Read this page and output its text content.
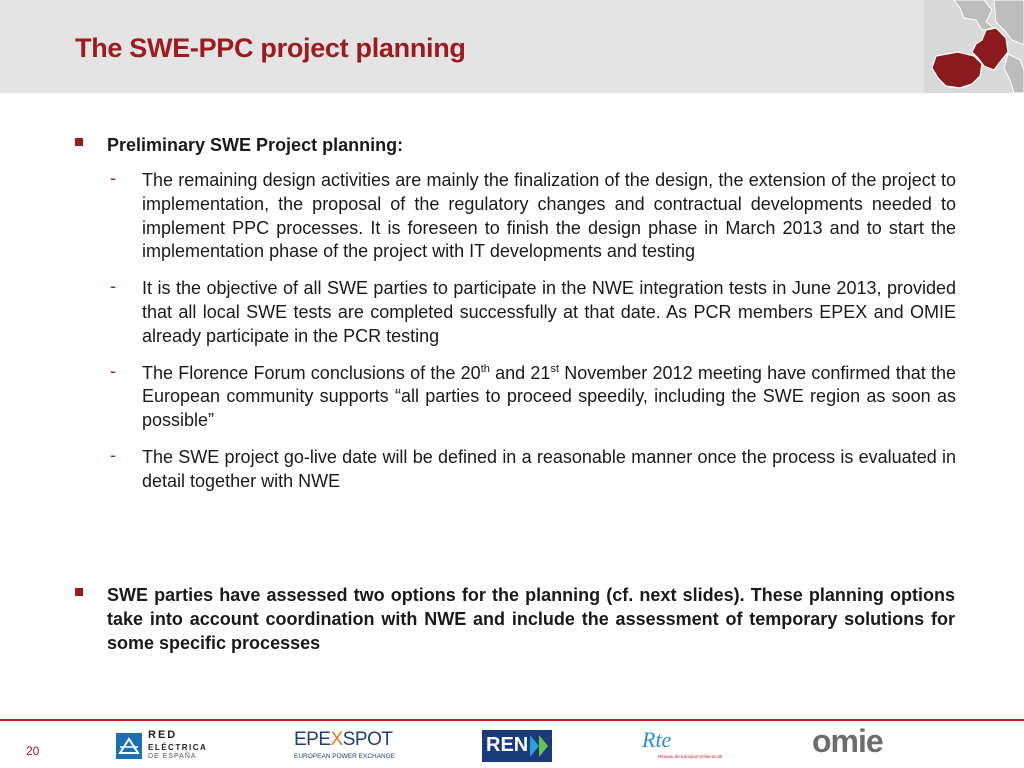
The SWE-PPC project planning
Preliminary SWE Project planning:
- The remaining design activities are mainly the finalization of the design, the extension of the project to implementation, the proposal of the regulatory changes and contractual developments needed to implement PPC processes. It is foreseen to finish the design phase in March 2013 and to start the implementation phase of the project with IT developments and testing
- It is the objective of all SWE parties to participate in the NWE integration tests in June 2013, provided that all local SWE tests are completed successfully at that date. As PCR members EPEX and OMIE already participate in the PCR testing
- The Florence Forum conclusions of the 20th and 21st November 2012 meeting have confirmed that the European community supports “all parties to proceed speedily, including the SWE region as soon as possible”
- The SWE project go-live date will be defined in a reasonable manner once the process is evaluated in detail together with NWE
SWE parties have assessed two options for the planning (cf. next slides). These planning options take into account coordination with NWE and include the assessment of temporary solutions for some specific processes
20
RED
ELÉCTRICA
DE ESPAÑA
EPEXSPOT
EUROPEAN POWER EXCHANGE
REN	Rte
Réseau de transport d'électricité	omie
